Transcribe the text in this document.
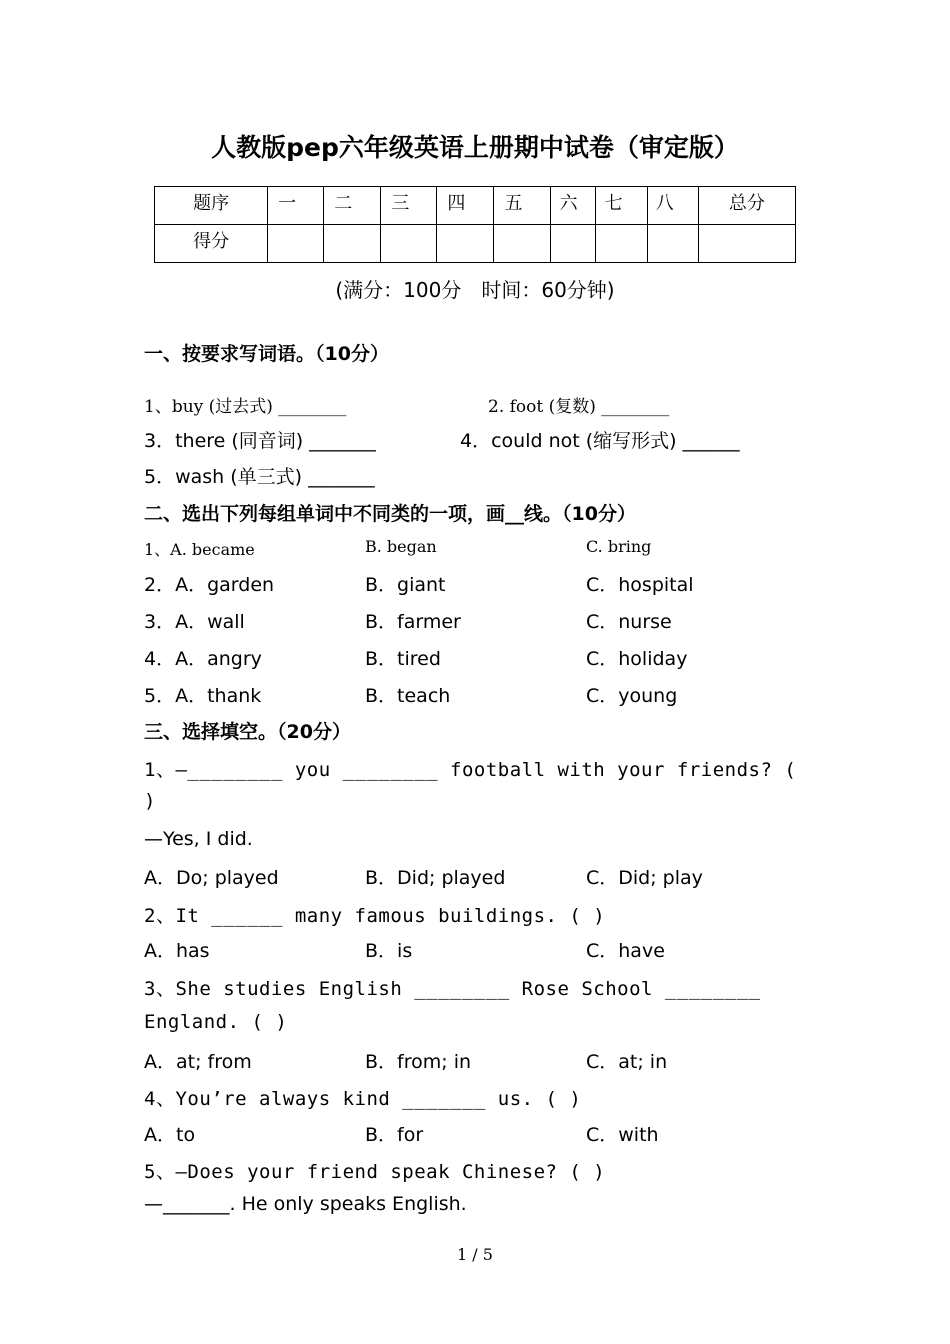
人教版pep六年级英语上册期中试卷（审定版）
题序	一	二	三	四	五	六	七	八	总分

得分									

(满分：100分　时间：60分钟)
一、按要求写词语。（10分）
1、buy (过去式) ________	2. foot (复数) ________
3．there (同音词) _______	4．could not (缩写形式) ______
5．wash (单三式) _______
二、选出下列每组单词中不同类的一项，画__线。（10分）
1、A. became	B. began	C. bring
2．A．garden	B．giant	C．hospital
3．A．wall	B．farmer	C．nurse
4．A．angry	B．tired	C．holiday
5．A．thank	B．teach	C．young
三、选择填空。（20分）
1、—________ you ________ football with your friends? (
)
—Yes, I did.
A．Do; played	B．Did; played	C．Did; play
2、It ______ many famous buildings. ( )
A．has	B．is	C．have
3、She studies English ________ Rose School ________
England. ( )
A．at; from	B．from; in	C．at; in
4、You’re always kind _______ us. ( )
A．to	B．for	C．with
5、—Does your friend speak Chinese? ( )
—_______. He only speaks English.
1 / 5
